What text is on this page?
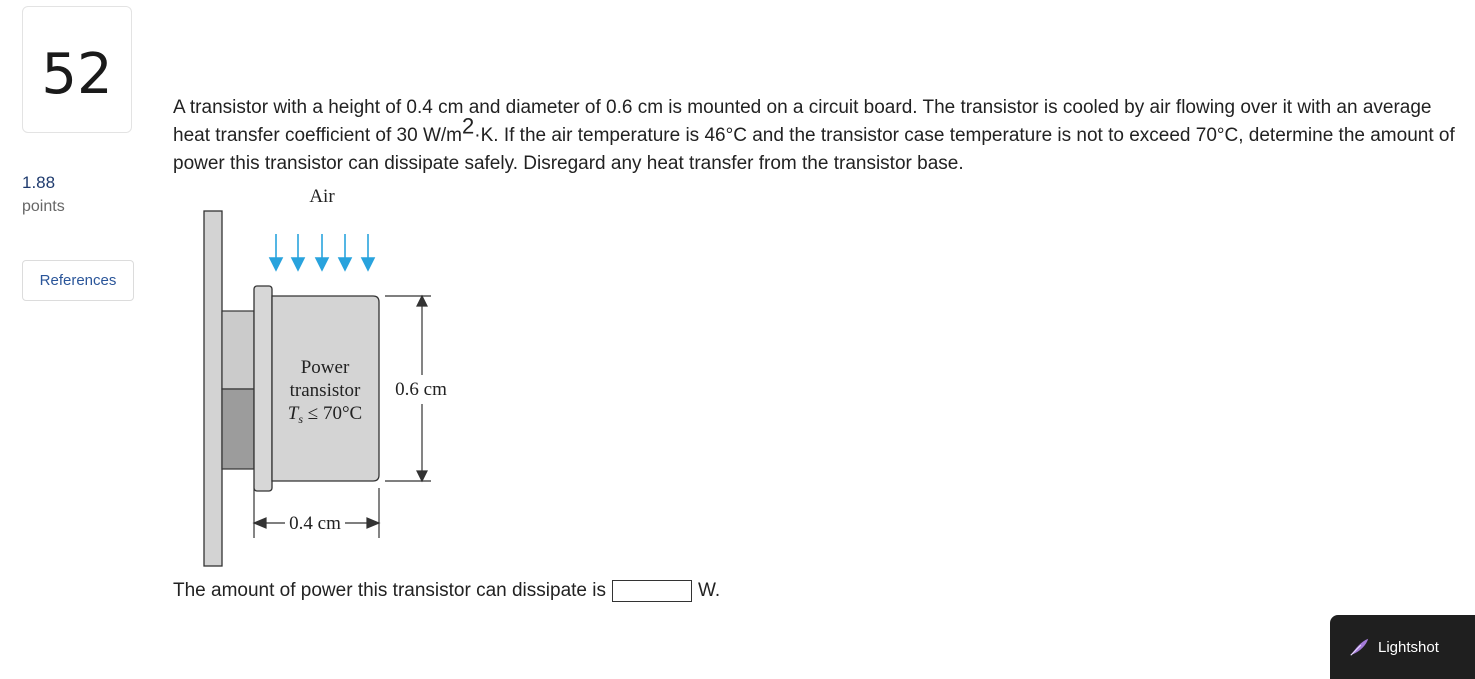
52
1.88
points
References

A transistor with a height of 0.4 cm and diameter of 0.6 cm is mounted on a circuit board. The transistor is cooled by air flowing over it with an average heat transfer coefficient of 30 $W/m^2\cdot K$. If the air temperature is 46°C and the transistor case temperature is not to exceed 70°C, determine the amount of power this transistor can dissipate safely. Disregard any heat transfer from the transistor base.

Air
Power
transistor
$T_s \le 70^\circ C$
0.6 cm
0.4 cm
The amount of power this transistor can dissipate is	W.
Lightshot
